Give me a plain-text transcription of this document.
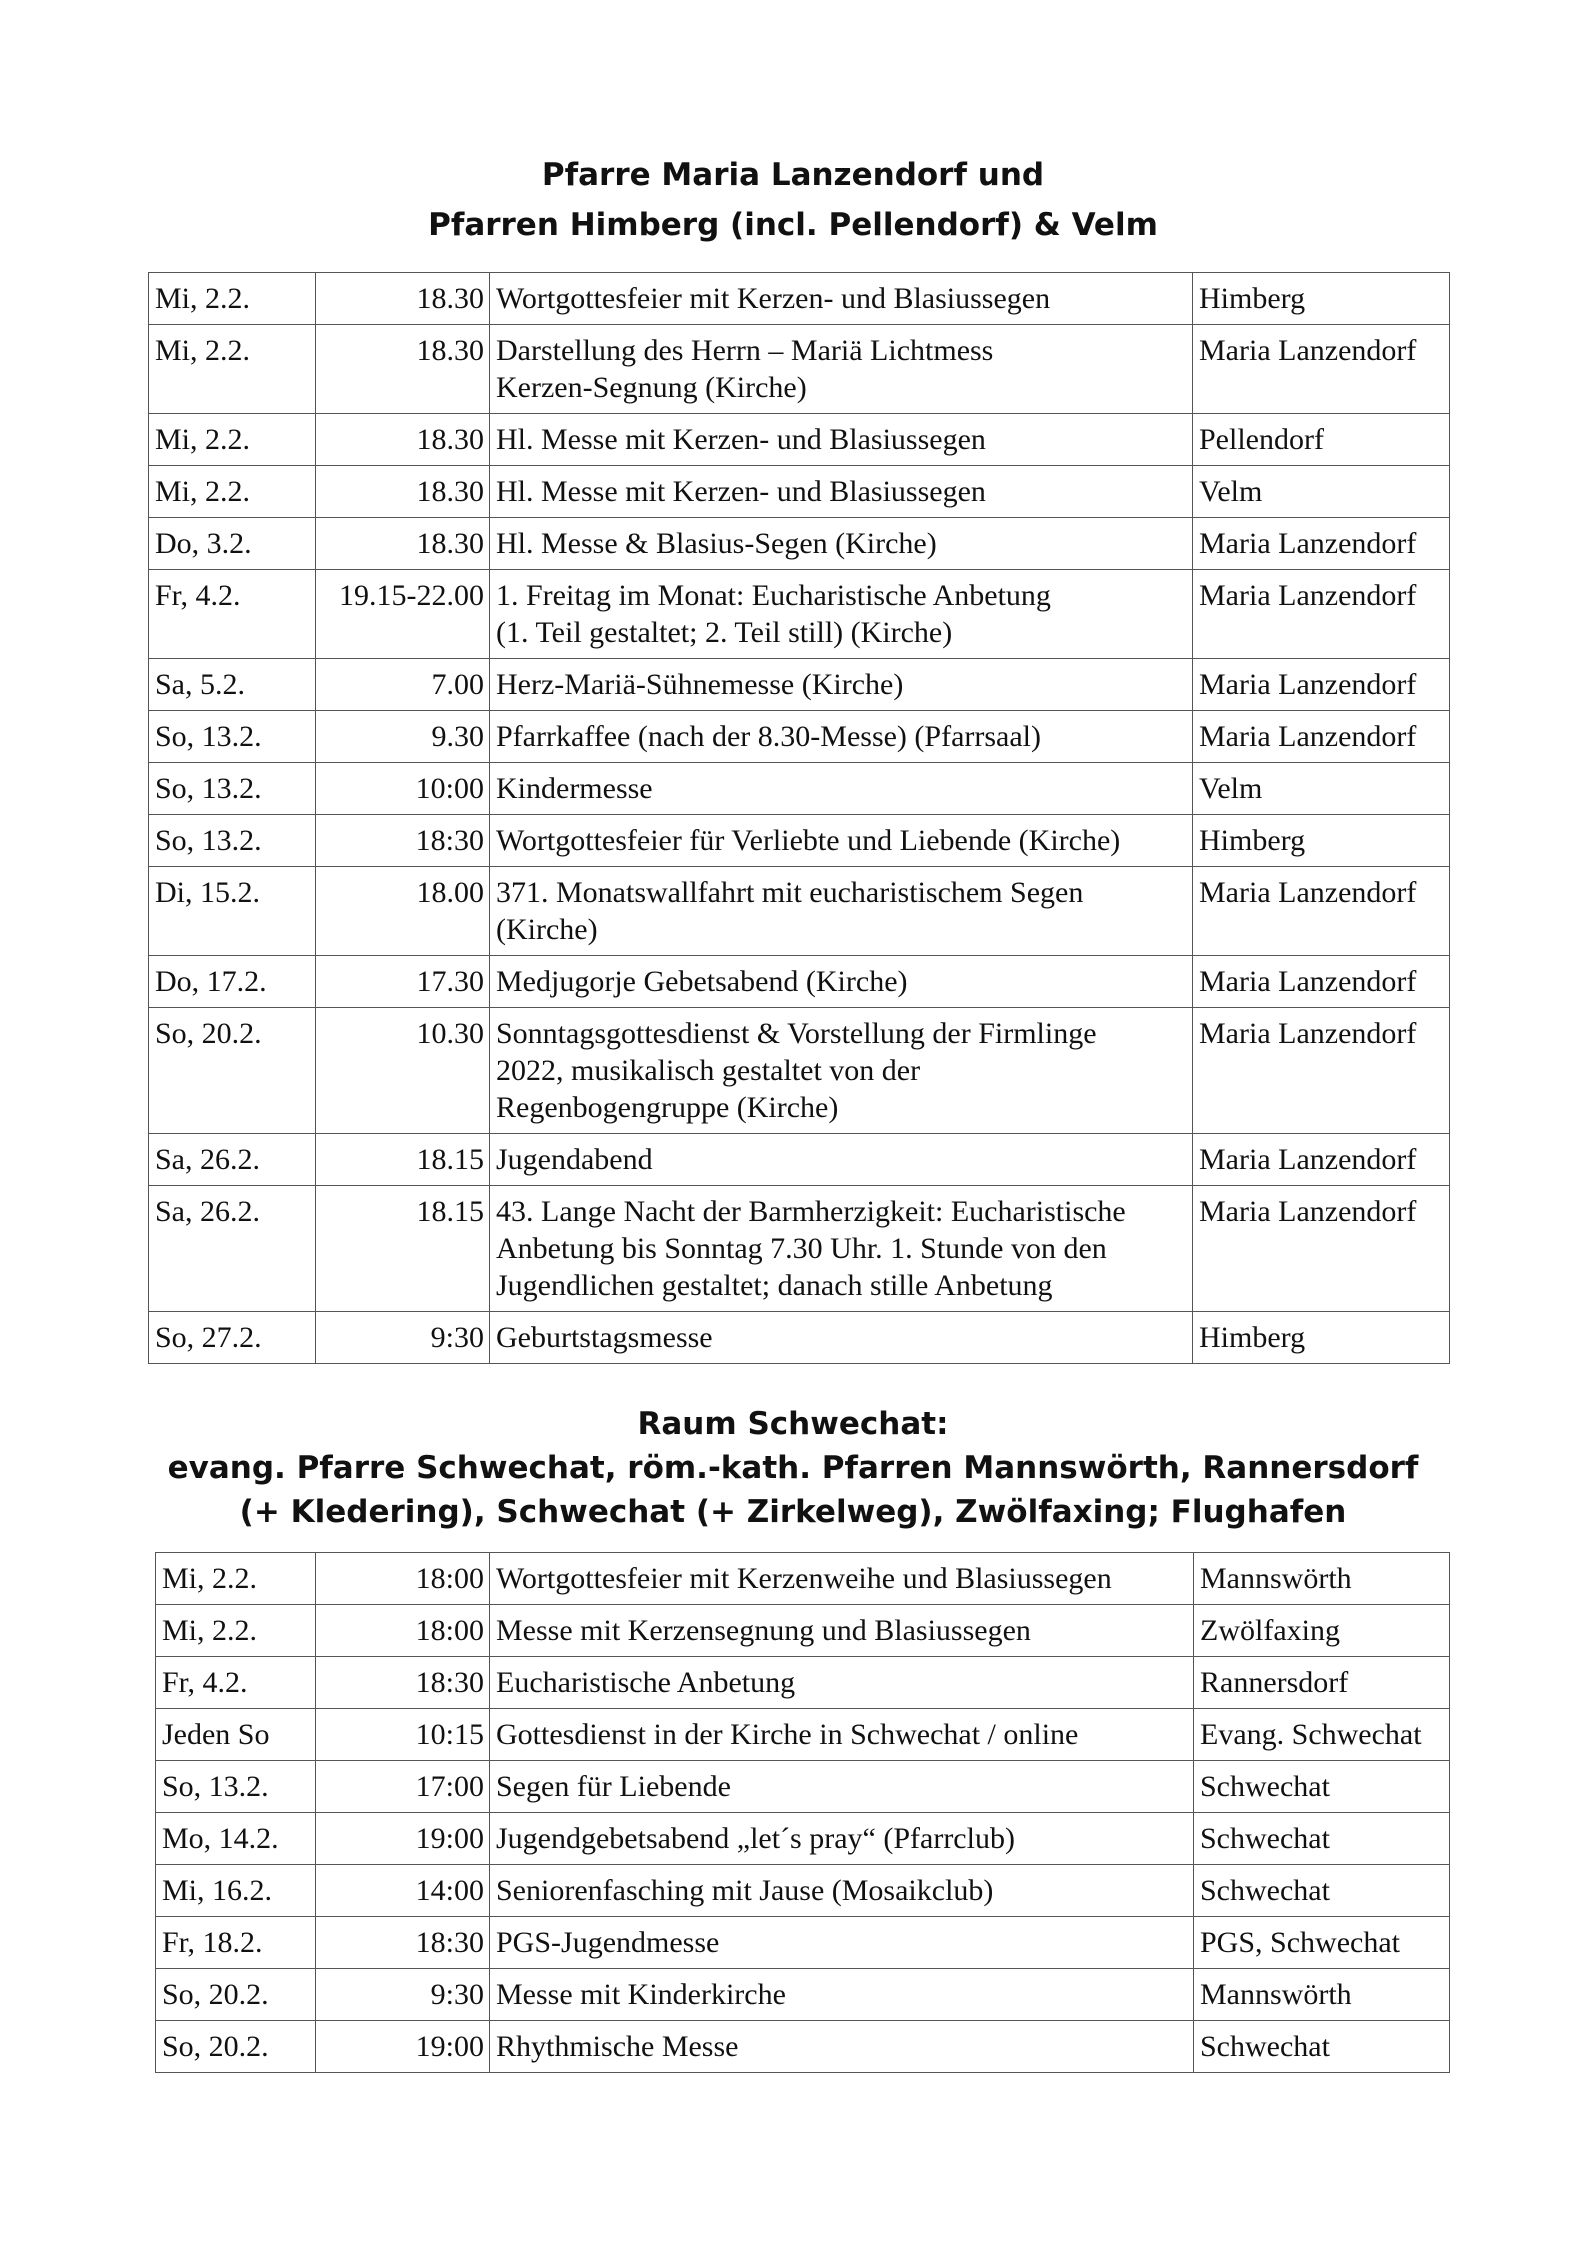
Pfarre Maria Lanzendorf und
Pfarren Himberg (incl. Pellendorf) & Velm
Mi, 2.2.	18.30	Wortgottesfeier mit Kerzen- und Blasiussegen	Himberg
Mi, 2.2.	18.30	Darstellung des Herrn – Mariä Lichtmess
Kerzen-Segnung (Kirche)	Maria Lanzendorf
Mi, 2.2.	18.30	Hl. Messe mit Kerzen- und Blasiussegen	Pellendorf
Mi, 2.2.	18.30	Hl. Messe mit Kerzen- und Blasiussegen	Velm
Do, 3.2.	18.30	Hl. Messe & Blasius-Segen (Kirche)	Maria Lanzendorf
Fr, 4.2.	19.15-22.00	1. Freitag im Monat: Eucharistische Anbetung
(1. Teil gestaltet; 2. Teil still) (Kirche)	Maria Lanzendorf
Sa, 5.2.	7.00	Herz-Mariä-Sühnemesse (Kirche)	Maria Lanzendorf
So, 13.2.	9.30	Pfarrkaffee (nach der 8.30-Messe) (Pfarrsaal)	Maria Lanzendorf
So, 13.2.	10:00	Kindermesse	Velm
So, 13.2.	18:30	Wortgottesfeier für Verliebte und Liebende (Kirche)	Himberg
Di, 15.2.	18.00	371. Monatswallfahrt mit eucharistischem Segen
(Kirche)	Maria Lanzendorf
Do, 17.2.	17.30	Medjugorje Gebetsabend (Kirche)	Maria Lanzendorf
So, 20.2.	10.30	Sonntagsgottesdienst & Vorstellung der Firmlinge
2022, musikalisch gestaltet von der
Regenbogengruppe (Kirche)	Maria Lanzendorf
Sa, 26.2.	18.15	Jugendabend	Maria Lanzendorf
Sa, 26.2.	18.15	43. Lange Nacht der Barmherzigkeit: Eucharistische
Anbetung bis Sonntag 7.30 Uhr. 1. Stunde von den
Jugendlichen gestaltet; danach stille Anbetung	Maria Lanzendorf
So, 27.2.	9:30	Geburtstagsmesse	Himberg
Raum Schwechat:
evang. Pfarre Schwechat, röm.-kath. Pfarren Mannswörth, Rannersdorf
(+ Kledering), Schwechat (+ Zirkelweg), Zwölfaxing; Flughafen
Mi, 2.2.	18:00	Wortgottesfeier mit Kerzenweihe und Blasiussegen	Mannswörth
Mi, 2.2.	18:00	Messe mit Kerzensegnung und Blasiussegen	Zwölfaxing
Fr, 4.2.	18:30	Eucharistische Anbetung	Rannersdorf
Jeden So	10:15	Gottesdienst in der Kirche in Schwechat / online	Evang. Schwechat
So, 13.2.	17:00	Segen für Liebende	Schwechat
Mo, 14.2.	19:00	Jugendgebetsabend „let´s pray“ (Pfarrclub)	Schwechat
Mi, 16.2.	14:00	Seniorenfasching mit Jause (Mosaikclub)	Schwechat
Fr, 18.2.	18:30	PGS-Jugendmesse	PGS, Schwechat
So, 20.2.	9:30	Messe mit Kinderkirche	Mannswörth
So, 20.2.	19:00	Rhythmische Messe	Schwechat
